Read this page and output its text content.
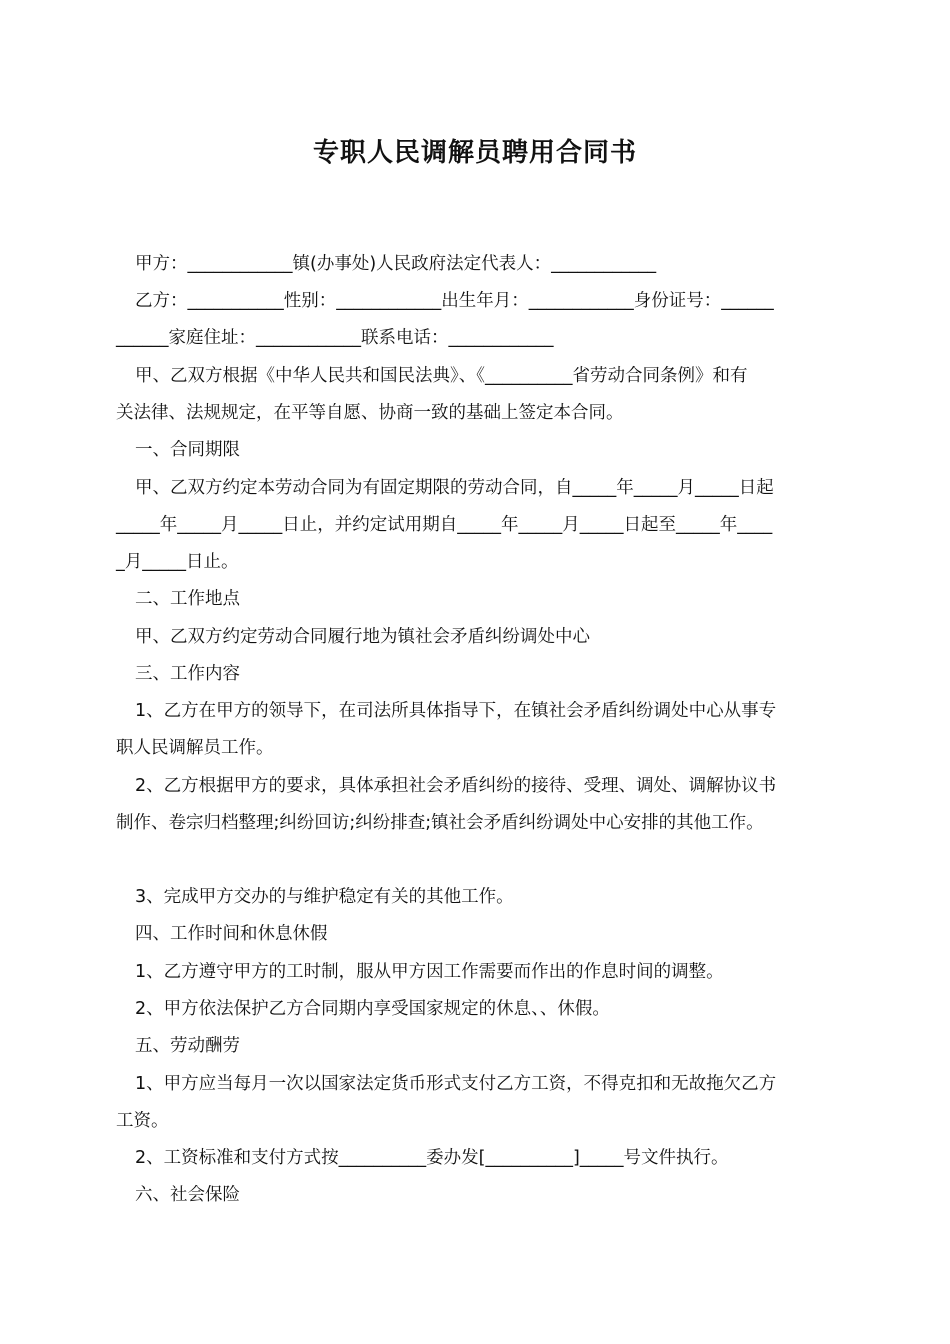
专职人民调解员聘用合同书
甲方：____________镇(办事处)人民政府法定代表人：____________
乙方：___________性别：____________出生年月：____________身份证号：______
______家庭住址：____________联系电话：____________
甲、乙双方根据《中华人民共和国民法典》、《__________省劳动合同条例》和有
关法律、法规规定，在平等自愿、协商一致的基础上签定本合同。
一、合同期限
甲、乙双方约定本劳动合同为有固定期限的劳动合同，自_____年_____月_____日起
_____年_____月_____日止，并约定试用期自_____年_____月_____日起至_____年____
_月_____日止。
二、工作地点
甲、乙双方约定劳动合同履行地为镇社会矛盾纠纷调处中心
三、工作内容
1、乙方在甲方的领导下，在司法所具体指导下，在镇社会矛盾纠纷调处中心从事专
职人民调解员工作。
2、乙方根据甲方的要求，具体承担社会矛盾纠纷的接待、受理、调处、调解协议书
制作、卷宗归档整理;纠纷回访;纠纷排查;镇社会矛盾纠纷调处中心安排的其他工作。
3、完成甲方交办的与维护稳定有关的其他工作。
四、工作时间和休息休假
1、乙方遵守甲方的工时制，服从甲方因工作需要而作出的作息时间的调整。
2、甲方依法保护乙方合同期内享受国家规定的休息、、休假。
五、劳动酬劳
1、甲方应当每月一次以国家法定货币形式支付乙方工资，不得克扣和无故拖欠乙方
工资。
2、工资标准和支付方式按__________委办发[__________]_____号文件执行。
六、社会保险
